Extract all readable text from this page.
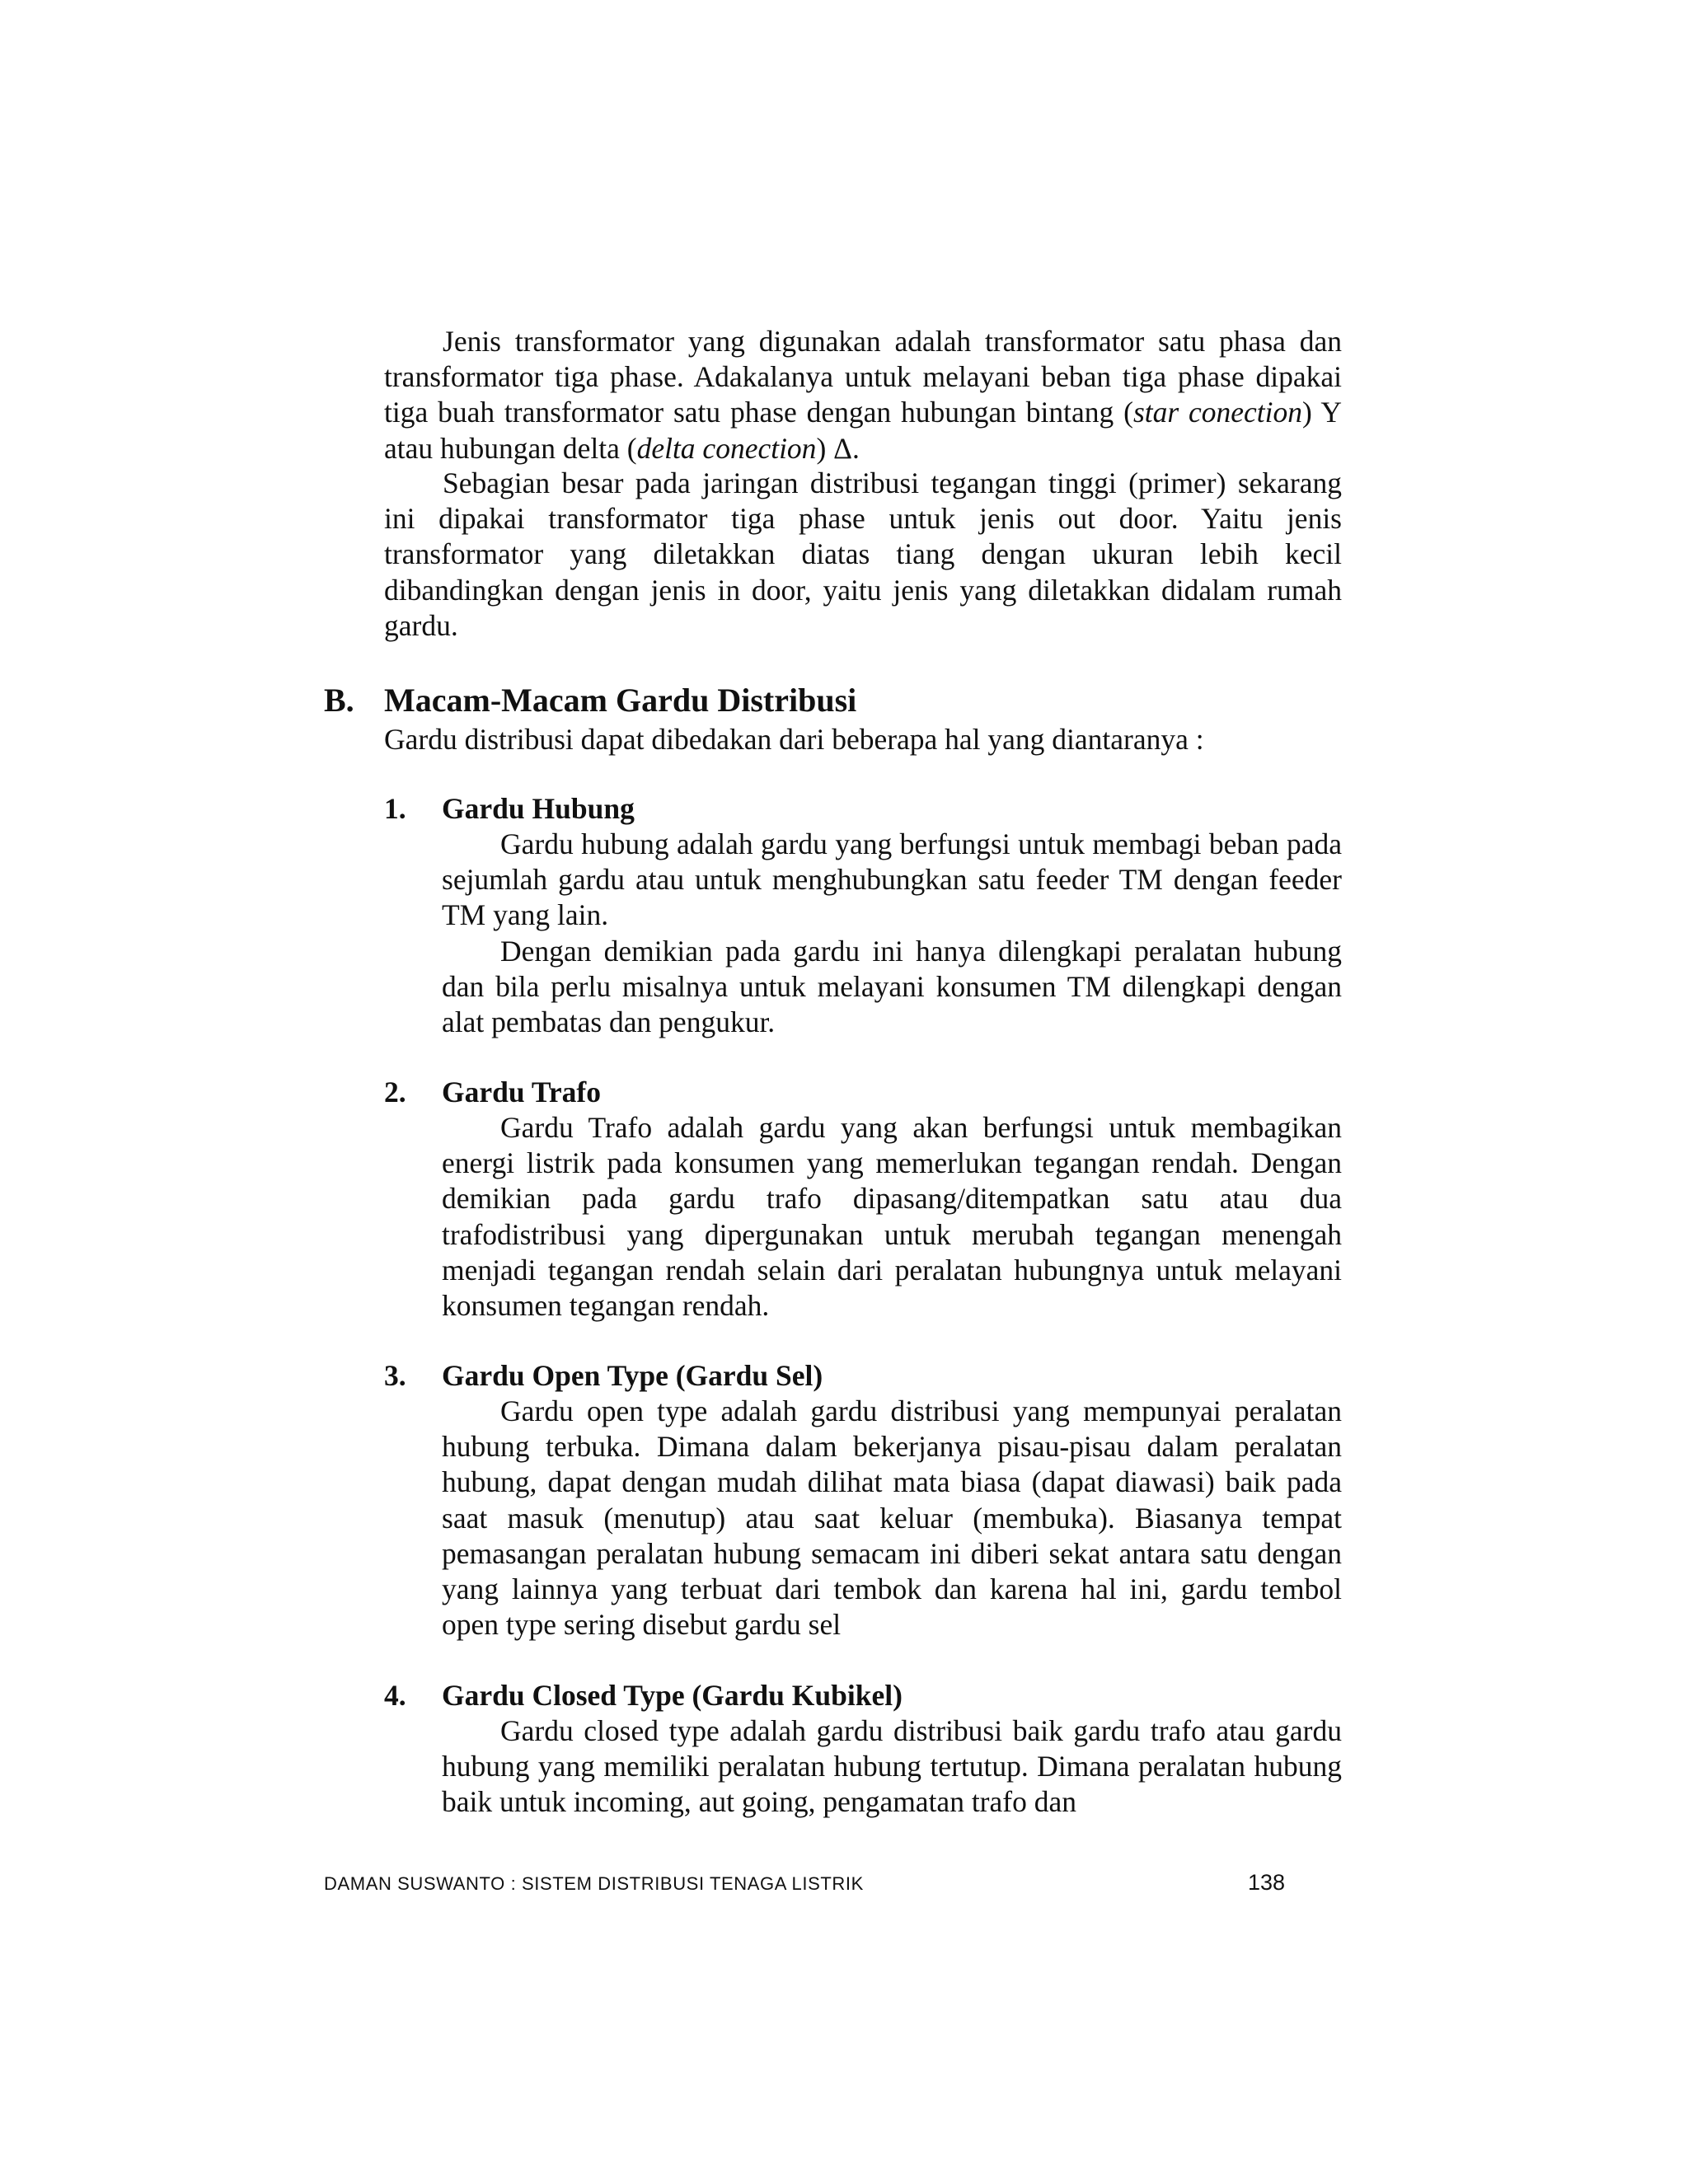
Jenis transformator yang digunakan adalah transformator satu phasa dan transformator tiga phase. Adakalanya untuk melayani beban tiga phase dipakai tiga buah transformator satu phase dengan hubungan bintang (star conection) Y atau hubungan delta (delta conection) Δ.

Sebagian besar pada jaringan distribusi tegangan tinggi (primer) sekarang ini dipakai transformator tiga phase untuk jenis out door. Yaitu jenis transformator yang diletakkan diatas tiang dengan ukuran lebih kecil dibandingkan dengan jenis in door, yaitu jenis yang diletakkan didalam rumah gardu.

B. Macam-Macam Gardu Distribusi

Gardu distribusi dapat dibedakan dari beberapa hal yang diantaranya :

1. Gardu Hubung

Gardu hubung adalah gardu yang berfungsi untuk membagi beban pada sejumlah gardu atau untuk menghubungkan satu feeder TM dengan feeder TM yang lain.

Dengan demikian pada gardu ini hanya dilengkapi peralatan hubung dan bila perlu misalnya untuk melayani konsumen TM dilengkapi dengan alat pembatas dan pengukur.

2. Gardu Trafo

Gardu Trafo adalah gardu yang akan berfungsi untuk membagikan energi listrik pada konsumen yang memerlukan tegangan rendah. Dengan demikian pada gardu trafo dipasang/ditempatkan satu atau dua trafodistribusi yang dipergunakan untuk merubah tegangan menengah menjadi tegangan rendah selain dari peralatan hubungnya untuk melayani konsumen tegangan rendah.

3. Gardu Open Type (Gardu Sel)

Gardu open type adalah gardu distribusi yang mempunyai peralatan hubung terbuka. Dimana dalam bekerjanya pisau-pisau dalam peralatan hubung, dapat dengan mudah dilihat mata biasa (dapat diawasi) baik pada saat masuk (menutup) atau saat keluar (membuka). Biasanya tempat pemasangan peralatan hubung semacam ini diberi sekat antara satu dengan yang lainnya yang terbuat dari tembok dan karena hal ini, gardu tembol open type sering disebut gardu sel

4. Gardu Closed Type (Gardu Kubikel)

Gardu closed type adalah gardu distribusi baik gardu trafo atau gardu hubung yang memiliki peralatan hubung tertutup. Dimana peralatan hubung baik untuk incoming, aut going, pengamatan trafo dan

DAMAN SUSWANTO : SISTEM DISTRIBUSI TENAGA LISTRIK	138
